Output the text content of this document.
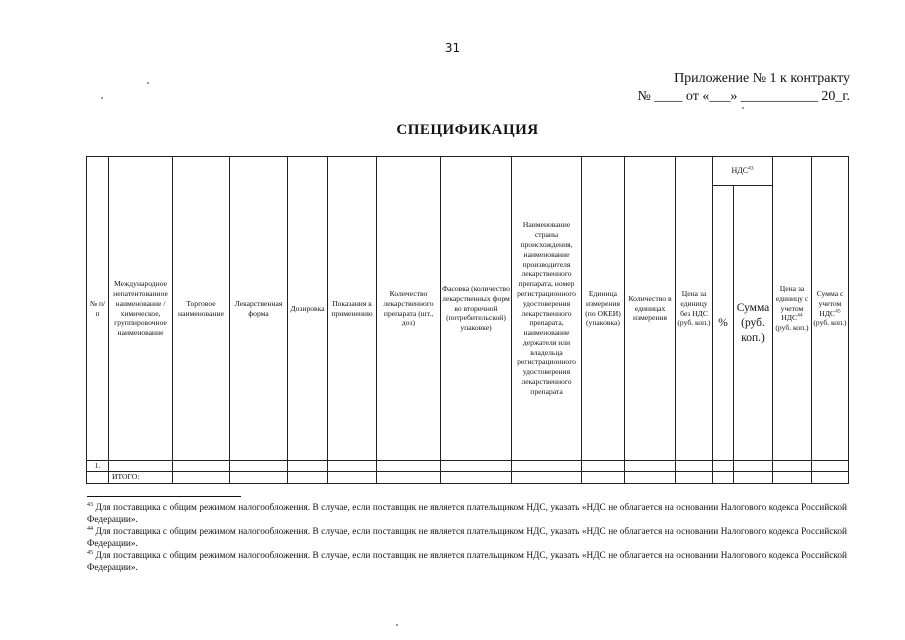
31
Приложение № 1 к контракту
№ ____ от «___» ___________ 20_г.
СПЕЦИФИКАЦИЯ
№ п/п	Международное непатентованное наименование / химическое, группировочное наименование	Торговое наименование	Лекарственная форма	Дозировка	Показания к применению	Количество лекарственного препарата (шт., доз)	Фасовка (количество лекарственных форм во вторичной (потребительской) упаковке)	Наименование страны происхождения, наименование производителя лекарственного препарата, номер регистрационного удостоверения лекарственного препарата, наименование держателя или владельца регистрационного удостоверения лекарственного препарата	Единица измерения (по ОКЕИ) (упаковка)	Количество в единицах измерения	Цена за единицу без НДС (руб. коп.)	НДС$^{43}$		Цена за единицу с учетом НДС$^{44}$ (руб. коп.)	Сумма с учетом НДС$^{45}$ (руб. коп.)
												%	Сумма (руб. коп.)		
1.															
	ИТОГО:														

$^{43}$ Для поставщика с общим режимом налогообложения. В случае, если поставщик не является плательщиком НДС, указать «НДС не облагается на основании Налогового кодекса Российской Федерации».

$^{44}$ Для поставщика с общим режимом налогообложения. В случае, если поставщик не является плательщиком НДС, указать «НДС не облагается на основании Налогового кодекса Российской Федерации».

$^{45}$ Для поставщика с общим режимом налогообложения. В случае, если поставщик не является плательщиком НДС, указать «НДС не облагается на основании Налогового кодекса Российской Федерации».
